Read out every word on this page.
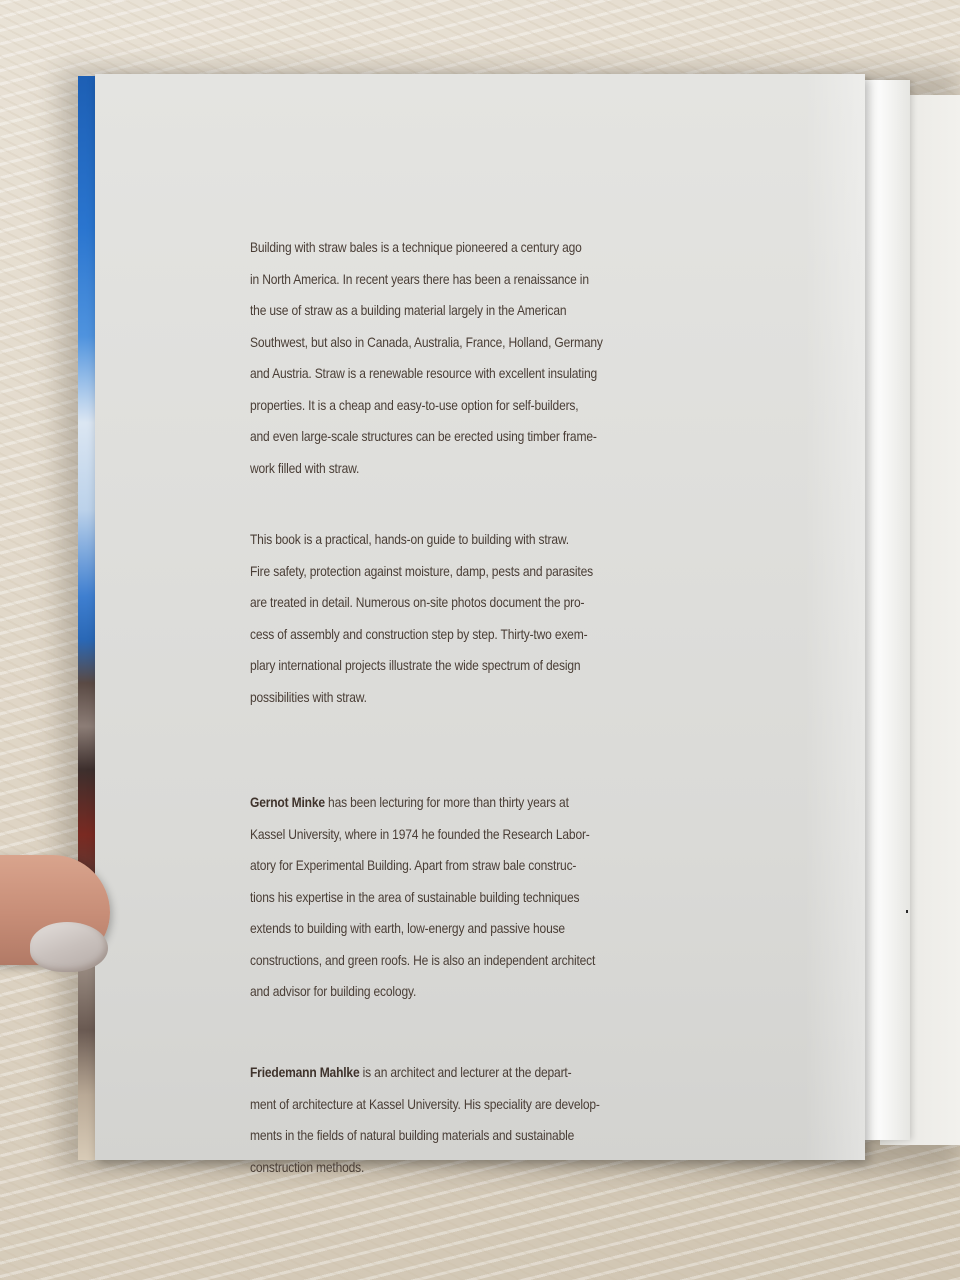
Building with straw bales is a technique pioneered a century ago
in North America. In recent years there has been a renaissance in
the use of straw as a building material largely in the American
Southwest, but also in Canada, Australia, France, Holland, Germany
and Austria. Straw is a renewable resource with excellent insulating
properties. It is a cheap and easy-to-use option for self-builders,
and even large-scale structures can be erected using timber frame-
work filled with straw.
This book is a practical, hands-on guide to building with straw.
Fire safety, protection against moisture, damp, pests and parasites
are treated in detail. Numerous on-site photos document the pro-
cess of assembly and construction step by step. Thirty-two exem-
plary international projects illustrate the wide spectrum of design
possibilities with straw.
Gernot Minke has been lecturing for more than thirty years at
Kassel University, where in 1974 he founded the Research Labor-
atory for Experimental Building. Apart from straw bale construc-
tions his expertise in the area of sustainable building techniques
extends to building with earth, low-energy and passive house
constructions, and green roofs. He is also an independent architect
and advisor for building ecology.
Friedemann Mahlke is an architect and lecturer at the depart-
ment of architecture at Kassel University. His speciality are develop-
ments in the fields of natural building materials and sustainable
construction methods.
